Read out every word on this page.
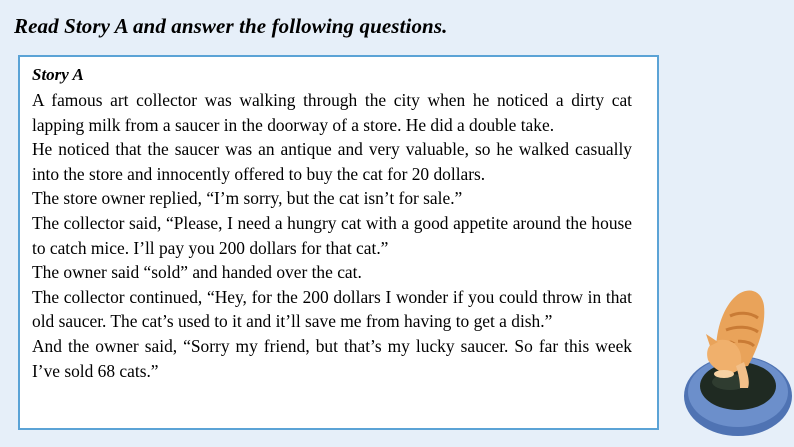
Read Story A and answer the following questions.
Story A

A famous art collector was walking through the city when he noticed a dirty cat lapping milk from a saucer in the doorway of a store. He did a double take.

He noticed that the saucer was an antique and very valuable, so he walked casually into the store and innocently offered to buy the cat for 20 dollars.

The store owner replied, “I’m sorry, but the cat isn’t for sale.”

The collector said, “Please, I need a hungry cat with a good appetite around the house to catch mice. I’ll pay you 200 dollars for that cat.”

The owner said “sold” and handed over the cat.

The collector continued, “Hey, for the 200 dollars I wonder if you could throw in that old saucer. The cat’s used to it and it’ll save me from having to get a dish.”

And the owner said, “Sorry my friend, but that’s my lucky saucer. So far this week I’ve sold 68 cats.”
